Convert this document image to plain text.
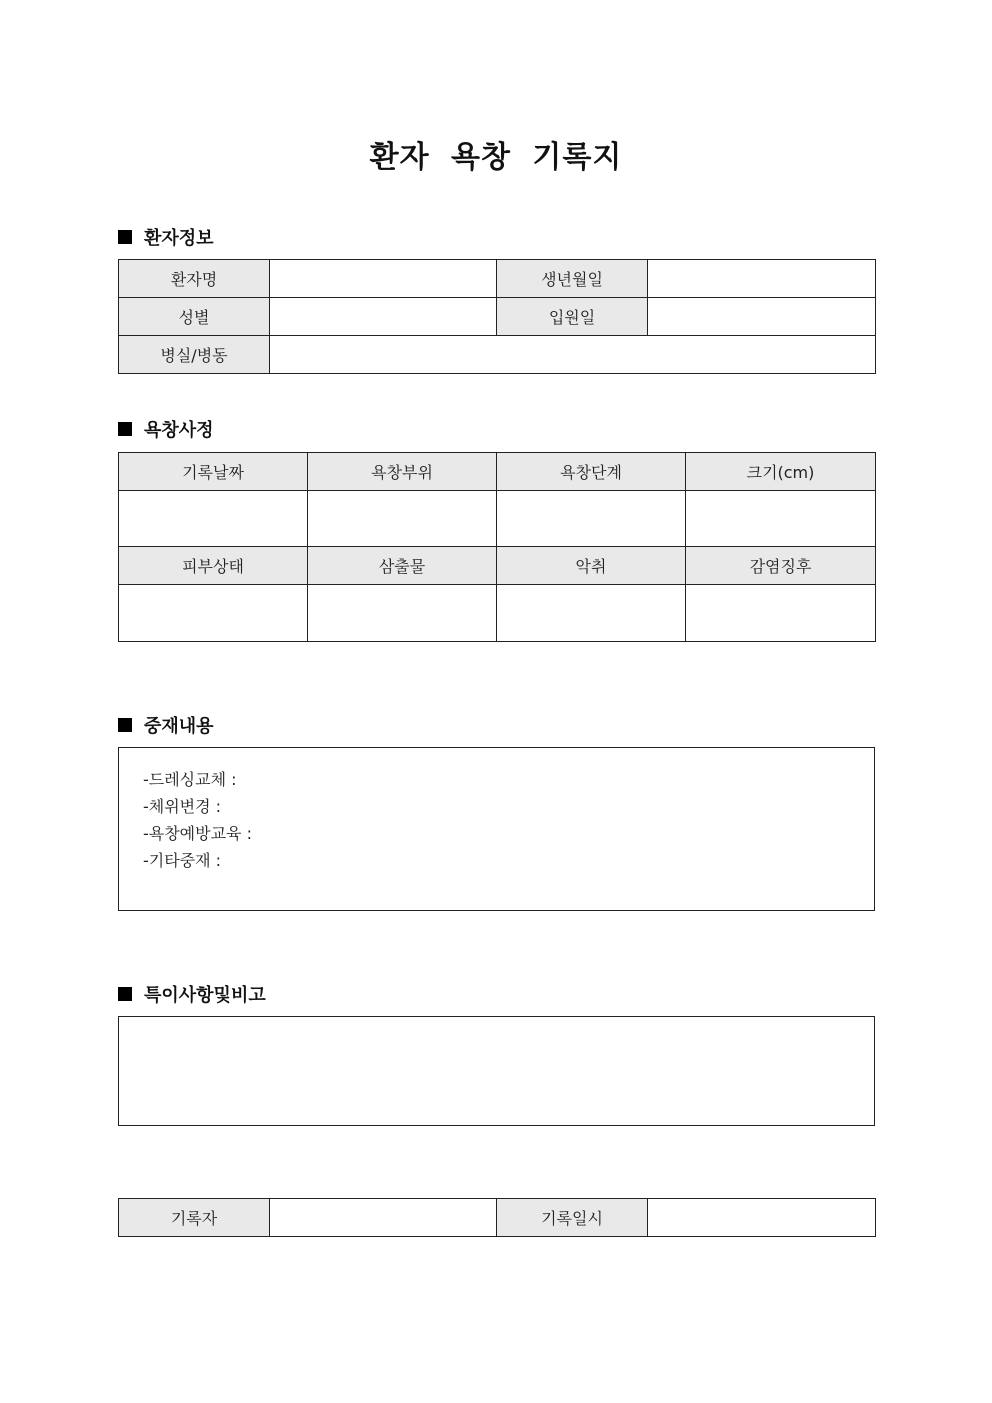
환자 욕창 기록지
환자정보
환자명		생년월일	
성별		입원일	
병실/병동			
욕창사정
기록날짜	욕창부위	욕창단계	크기(cm)

피부상태	삼출물	악취	감염징후

중재내용
-드레싱교체 :
-체위변경 :
-욕창예방교육 :
-기타중재 :
특이사항및비고
기록자		기록일시	
